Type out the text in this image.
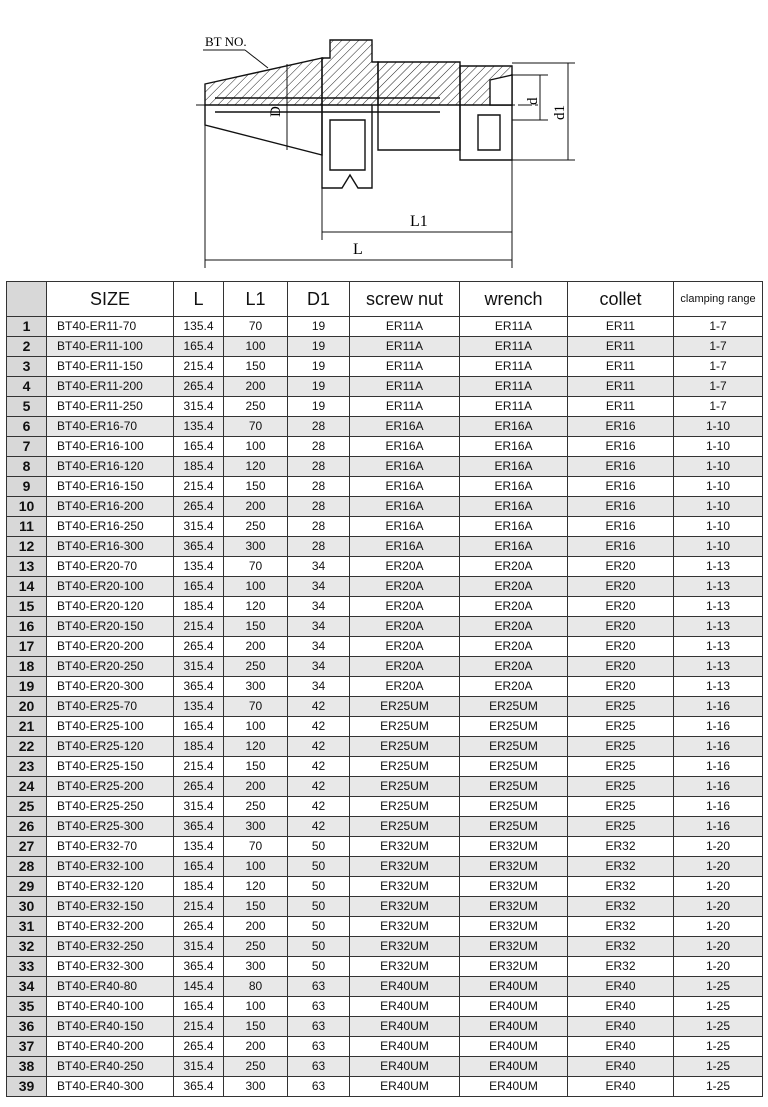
BT NO.
D
d
d1
L1
L
	SIZE	L	L1	D1	screw nut	wrench	collet	clamping range
1	BT40-ER11-70	135.4	70	19	ER11A	ER11A	ER11	1-7
2	BT40-ER11-100	165.4	100	19	ER11A	ER11A	ER11	1-7
3	BT40-ER11-150	215.4	150	19	ER11A	ER11A	ER11	1-7
4	BT40-ER11-200	265.4	200	19	ER11A	ER11A	ER11	1-7
5	BT40-ER11-250	315.4	250	19	ER11A	ER11A	ER11	1-7
6	BT40-ER16-70	135.4	70	28	ER16A	ER16A	ER16	1-10
7	BT40-ER16-100	165.4	100	28	ER16A	ER16A	ER16	1-10
8	BT40-ER16-120	185.4	120	28	ER16A	ER16A	ER16	1-10
9	BT40-ER16-150	215.4	150	28	ER16A	ER16A	ER16	1-10
10	BT40-ER16-200	265.4	200	28	ER16A	ER16A	ER16	1-10
11	BT40-ER16-250	315.4	250	28	ER16A	ER16A	ER16	1-10
12	BT40-ER16-300	365.4	300	28	ER16A	ER16A	ER16	1-10
13	BT40-ER20-70	135.4	70	34	ER20A	ER20A	ER20	1-13
14	BT40-ER20-100	165.4	100	34	ER20A	ER20A	ER20	1-13
15	BT40-ER20-120	185.4	120	34	ER20A	ER20A	ER20	1-13
16	BT40-ER20-150	215.4	150	34	ER20A	ER20A	ER20	1-13
17	BT40-ER20-200	265.4	200	34	ER20A	ER20A	ER20	1-13
18	BT40-ER20-250	315.4	250	34	ER20A	ER20A	ER20	1-13
19	BT40-ER20-300	365.4	300	34	ER20A	ER20A	ER20	1-13
20	BT40-ER25-70	135.4	70	42	ER25UM	ER25UM	ER25	1-16
21	BT40-ER25-100	165.4	100	42	ER25UM	ER25UM	ER25	1-16
22	BT40-ER25-120	185.4	120	42	ER25UM	ER25UM	ER25	1-16
23	BT40-ER25-150	215.4	150	42	ER25UM	ER25UM	ER25	1-16
24	BT40-ER25-200	265.4	200	42	ER25UM	ER25UM	ER25	1-16
25	BT40-ER25-250	315.4	250	42	ER25UM	ER25UM	ER25	1-16
26	BT40-ER25-300	365.4	300	42	ER25UM	ER25UM	ER25	1-16
27	BT40-ER32-70	135.4	70	50	ER32UM	ER32UM	ER32	1-20
28	BT40-ER32-100	165.4	100	50	ER32UM	ER32UM	ER32	1-20
29	BT40-ER32-120	185.4	120	50	ER32UM	ER32UM	ER32	1-20
30	BT40-ER32-150	215.4	150	50	ER32UM	ER32UM	ER32	1-20
31	BT40-ER32-200	265.4	200	50	ER32UM	ER32UM	ER32	1-20
32	BT40-ER32-250	315.4	250	50	ER32UM	ER32UM	ER32	1-20
33	BT40-ER32-300	365.4	300	50	ER32UM	ER32UM	ER32	1-20
34	BT40-ER40-80	145.4	80	63	ER40UM	ER40UM	ER40	1-25
35	BT40-ER40-100	165.4	100	63	ER40UM	ER40UM	ER40	1-25
36	BT40-ER40-150	215.4	150	63	ER40UM	ER40UM	ER40	1-25
37	BT40-ER40-200	265.4	200	63	ER40UM	ER40UM	ER40	1-25
38	BT40-ER40-250	315.4	250	63	ER40UM	ER40UM	ER40	1-25
39	BT40-ER40-300	365.4	300	63	ER40UM	ER40UM	ER40	1-25
